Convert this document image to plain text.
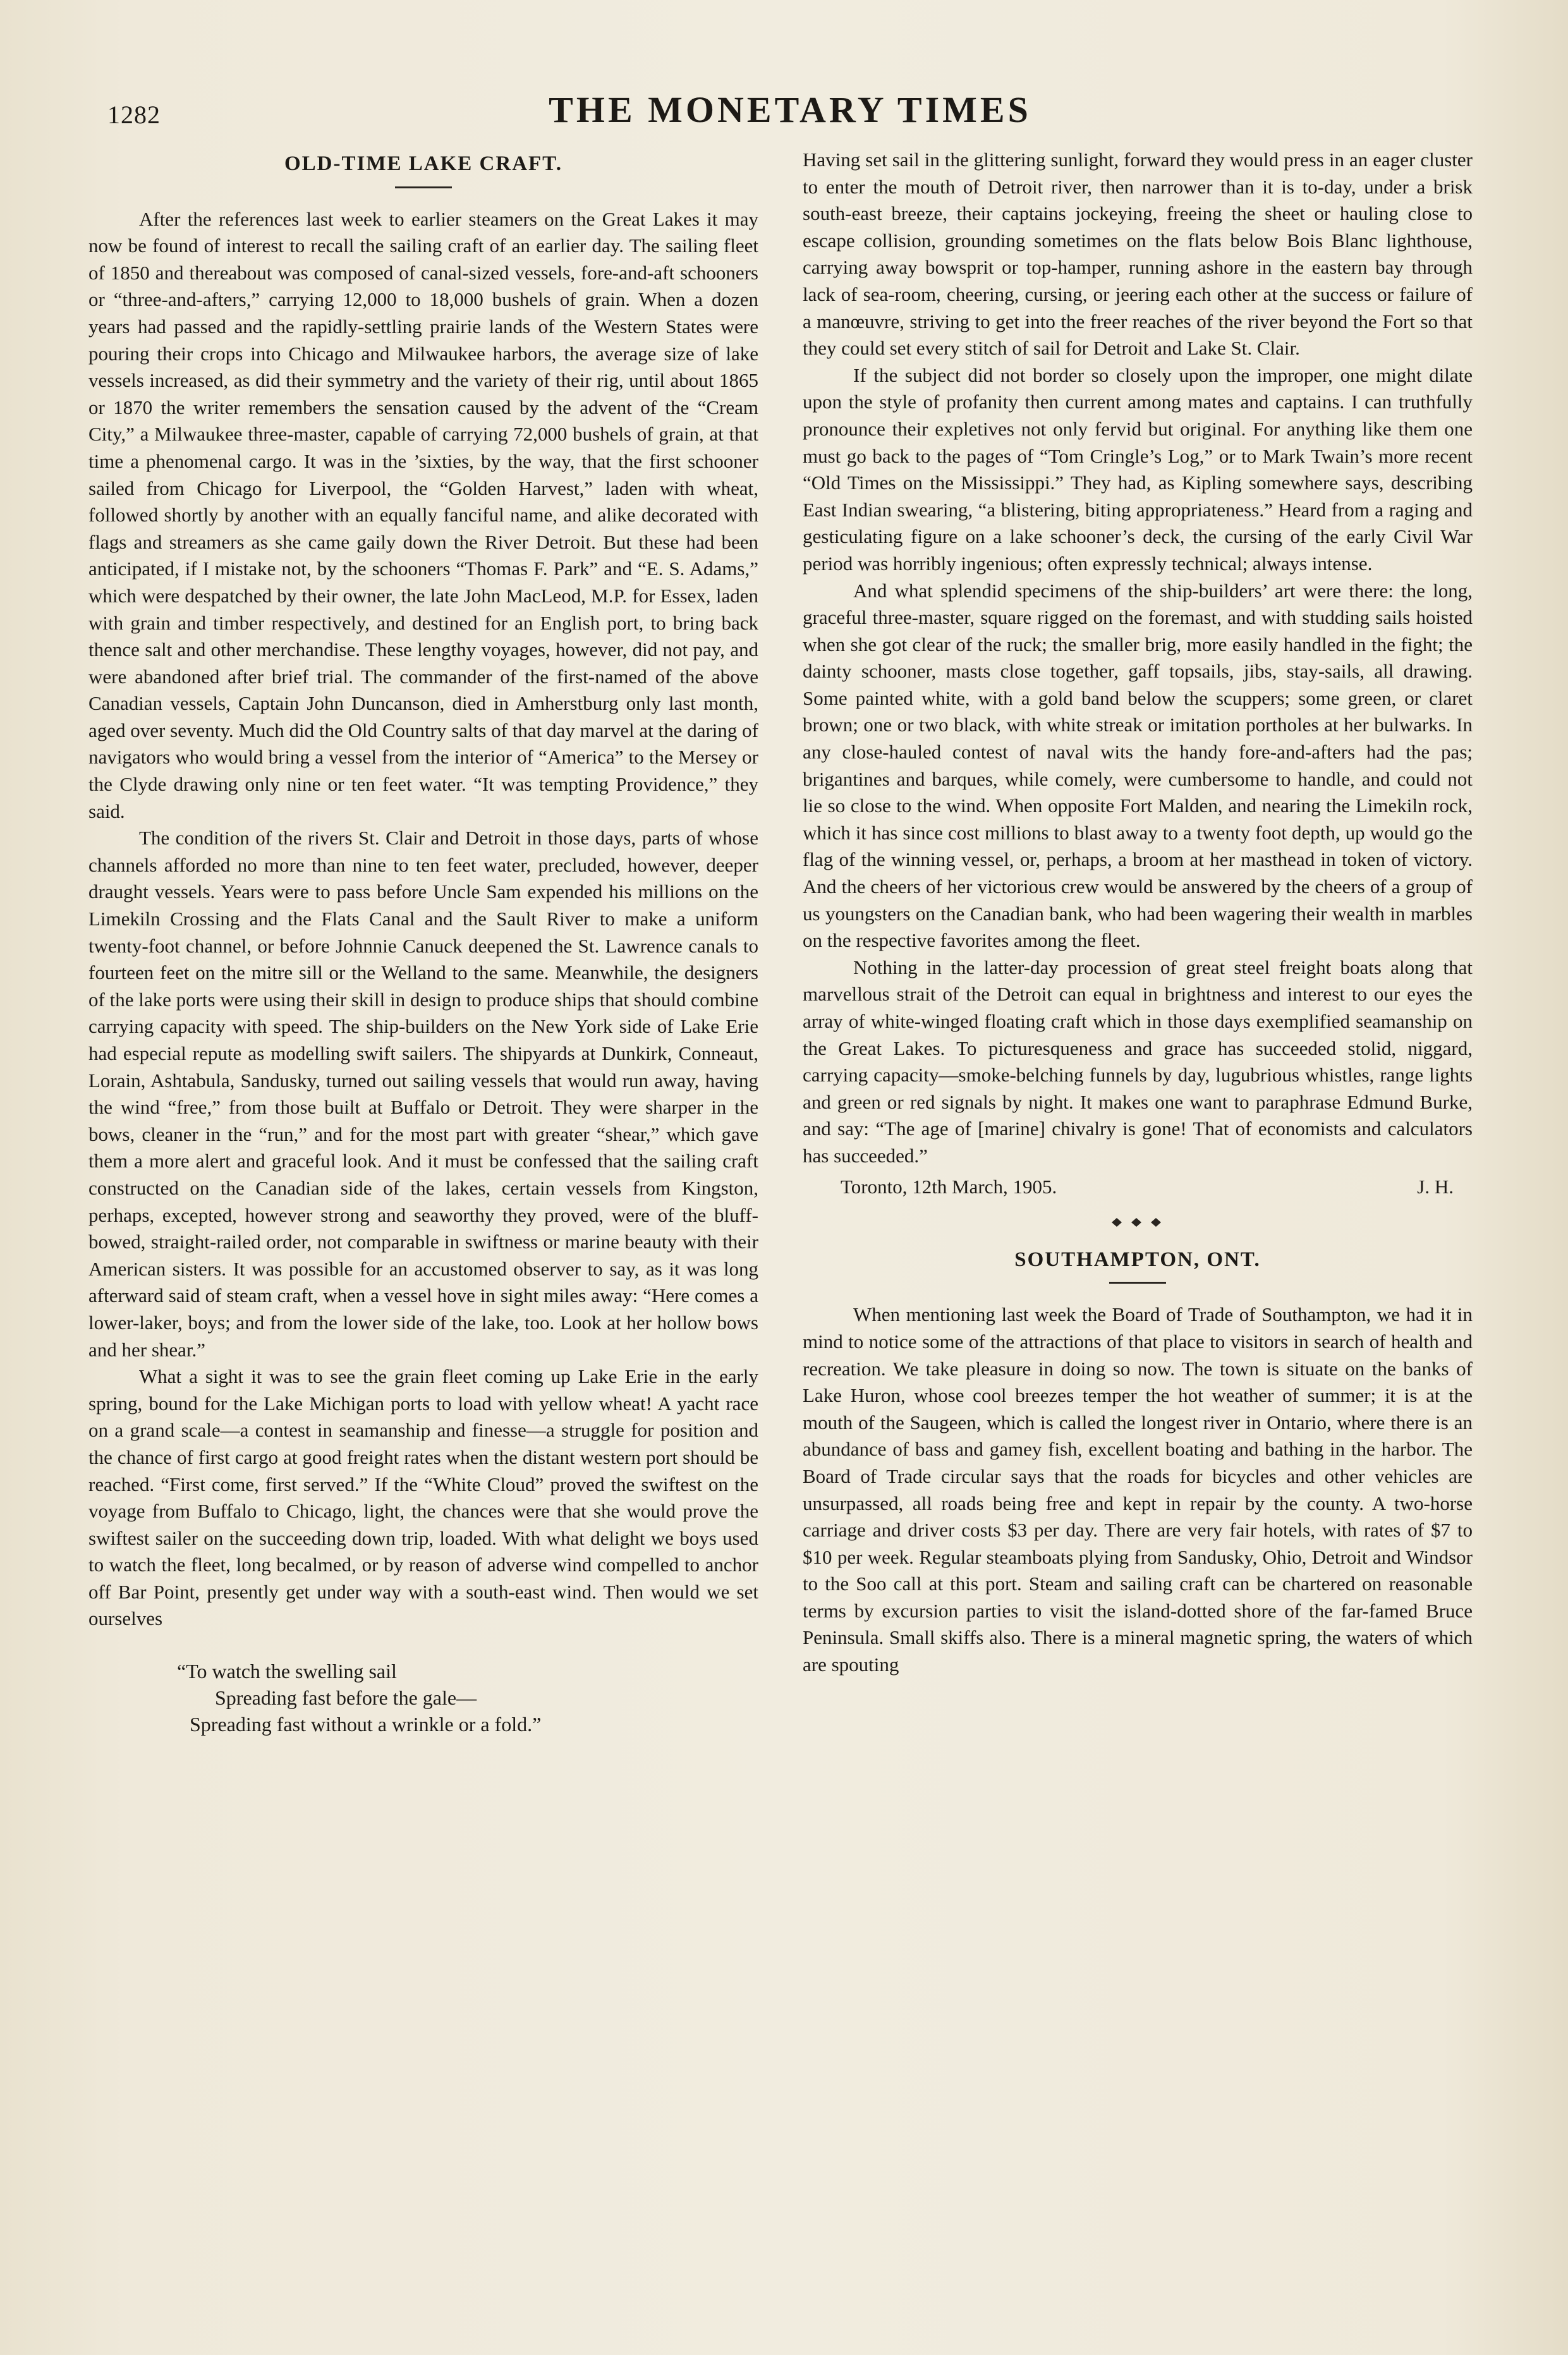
1282	THE MONETARY TIMES
OLD-TIME LAKE CRAFT.

After the references last week to earlier steamers on the Great Lakes it may now be found of interest to recall the sailing craft of an earlier day. The sailing fleet of 1850 and thereabout was composed of canal-sized vessels, fore-and-aft schooners or “three-and-afters,” carrying 12,000 to 18,000 bushels of grain. When a dozen years had passed and the rapidly-settling prairie lands of the Western States were pouring their crops into Chicago and Milwaukee harbors, the average size of lake vessels increased, as did their symmetry and the variety of their rig, until about 1865 or 1870 the writer remembers the sensation caused by the advent of the “Cream City,” a Milwaukee three-master, capable of carrying 72,000 bushels of grain, at that time a phenomenal cargo. It was in the ’sixties, by the way, that the first schooner sailed from Chicago for Liverpool, the “Golden Harvest,” laden with wheat, followed shortly by another with an equally fanciful name, and alike decorated with flags and streamers as she came gaily down the River Detroit. But these had been anticipated, if I mistake not, by the schooners “Thomas F. Park” and “E. S. Adams,” which were despatched by their owner, the late John MacLeod, M.P. for Essex, laden with grain and timber respectively, and destined for an English port, to bring back thence salt and other merchandise. These lengthy voyages, however, did not pay, and were abandoned after brief trial. The commander of the first-named of the above Canadian vessels, Captain John Duncanson, died in Amherstburg only last month, aged over seventy. Much did the Old Country salts of that day marvel at the daring of navigators who would bring a vessel from the interior of “America” to the Mersey or the Clyde drawing only nine or ten feet water. “It was tempting Providence,” they said.

The condition of the rivers St. Clair and Detroit in those days, parts of whose channels afforded no more than nine to ten feet water, precluded, however, deeper draught vessels. Years were to pass before Uncle Sam expended his millions on the Limekiln Crossing and the Flats Canal and the Sault River to make a uniform twenty-foot channel, or before Johnnie Canuck deepened the St. Lawrence canals to fourteen feet on the mitre sill or the Welland to the same. Meanwhile, the designers of the lake ports were using their skill in design to produce ships that should combine carrying capacity with speed. The ship-builders on the New York side of Lake Erie had especial repute as modelling swift sailers. The shipyards at Dunkirk, Conneaut, Lorain, Ashtabula, Sandusky, turned out sailing vessels that would run away, having the wind “free,” from those built at Buffalo or Detroit. They were sharper in the bows, cleaner in the “run,” and for the most part with greater “shear,” which gave them a more alert and graceful look. And it must be confessed that the sailing craft constructed on the Canadian side of the lakes, certain vessels from Kingston, perhaps, excepted, however strong and seaworthy they proved, were of the bluff-bowed, straight-railed order, not comparable in swiftness or marine beauty with their American sisters. It was possible for an accustomed observer to say, as it was long afterward said of steam craft, when a vessel hove in sight miles away: “Here comes a lower-laker, boys; and from the lower side of the lake, too. Look at her hollow bows and her shear.”

What a sight it was to see the grain fleet coming up Lake Erie in the early spring, bound for the Lake Michigan ports to load with yellow wheat! A yacht race on a grand scale—a contest in seamanship and finesse—a struggle for position and the chance of first cargo at good freight rates when the distant western port should be reached. “First come, first served.” If the “White Cloud” proved the swiftest on the voyage from Buffalo to Chicago, light, the chances were that she would prove the swiftest sailer on the succeeding down trip, loaded. With what delight we boys used to watch the fleet, long becalmed, or by reason of adverse wind compelled to anchor off Bar Point, presently get under way with a south-east wind. Then would we set ourselves

“To watch the swelling sail
Spreading fast before the gale—
Spreading fast without a wrinkle or a fold.”

Having set sail in the glittering sunlight, forward they would press in an eager cluster to enter the mouth of Detroit river, then narrower than it is to-day, under a brisk south-east breeze, their captains jockeying, freeing the sheet or hauling close to escape collision, grounding sometimes on the flats below Bois Blanc lighthouse, carrying away bowsprit or top-hamper, running ashore in the eastern bay through lack of sea-room, cheering, cursing, or jeering each other at the success or failure of a manœuvre, striving to get into the freer reaches of the river beyond the Fort so that they could set every stitch of sail for Detroit and Lake St. Clair.

If the subject did not border so closely upon the improper, one might dilate upon the style of profanity then current among mates and captains. I can truthfully pronounce their expletives not only fervid but original. For anything like them one must go back to the pages of “Tom Cringle’s Log,” or to Mark Twain’s more recent “Old Times on the Mississippi.” They had, as Kipling somewhere says, describing East Indian swearing, “a blistering, biting appropriateness.” Heard from a raging and gesticulating figure on a lake schooner’s deck, the cursing of the early Civil War period was horribly ingenious; often expressly technical; always intense.

And what splendid specimens of the ship-builders’ art were there: the long, graceful three-master, square rigged on the foremast, and with studding sails hoisted when she got clear of the ruck; the smaller brig, more easily handled in the fight; the dainty schooner, masts close together, gaff topsails, jibs, stay-sails, all drawing. Some painted white, with a gold band below the scuppers; some green, or claret brown; one or two black, with white streak or imitation portholes at her bulwarks. In any close-hauled contest of naval wits the handy fore-and-afters had the pas; brigantines and barques, while comely, were cumbersome to handle, and could not lie so close to the wind. When opposite Fort Malden, and nearing the Limekiln rock, which it has since cost millions to blast away to a twenty foot depth, up would go the flag of the winning vessel, or, perhaps, a broom at her masthead in token of victory. And the cheers of her victorious crew would be answered by the cheers of a group of us youngsters on the Canadian bank, who had been wagering their wealth in marbles on the respective favorites among the fleet.

Nothing in the latter-day procession of great steel freight boats along that marvellous strait of the Detroit can equal in brightness and interest to our eyes the array of white-winged floating craft which in those days exemplified seamanship on the Great Lakes. To picturesqueness and grace has succeeded stolid, niggard, carrying capacity—smoke-belching funnels by day, lugubrious whistles, range lights and green or red signals by night. It makes one want to paraphrase Edmund Burke, and say: “The age of [marine] chivalry is gone! That of economists and calculators has succeeded.”

Toronto, 12th March, 1905.	J. H.
SOUTHAMPTON, ONT.

When mentioning last week the Board of Trade of Southampton, we had it in mind to notice some of the attractions of that place to visitors in search of health and recreation. We take pleasure in doing so now. The town is situate on the banks of Lake Huron, whose cool breezes temper the hot weather of summer; it is at the mouth of the Saugeen, which is called the longest river in Ontario, where there is an abundance of bass and gamey fish, excellent boating and bathing in the harbor. The Board of Trade circular says that the roads for bicycles and other vehicles are unsurpassed, all roads being free and kept in repair by the county. A two-horse carriage and driver costs $3 per day. There are very fair hotels, with rates of $7 to $10 per week. Regular steamboats plying from Sandusky, Ohio, Detroit and Windsor to the Soo call at this port. Steam and sailing craft can be chartered on reasonable terms by excursion parties to visit the island-dotted shore of the far-famed Bruce Peninsula. Small skiffs also. There is a mineral magnetic spring, the waters of which are spouting
